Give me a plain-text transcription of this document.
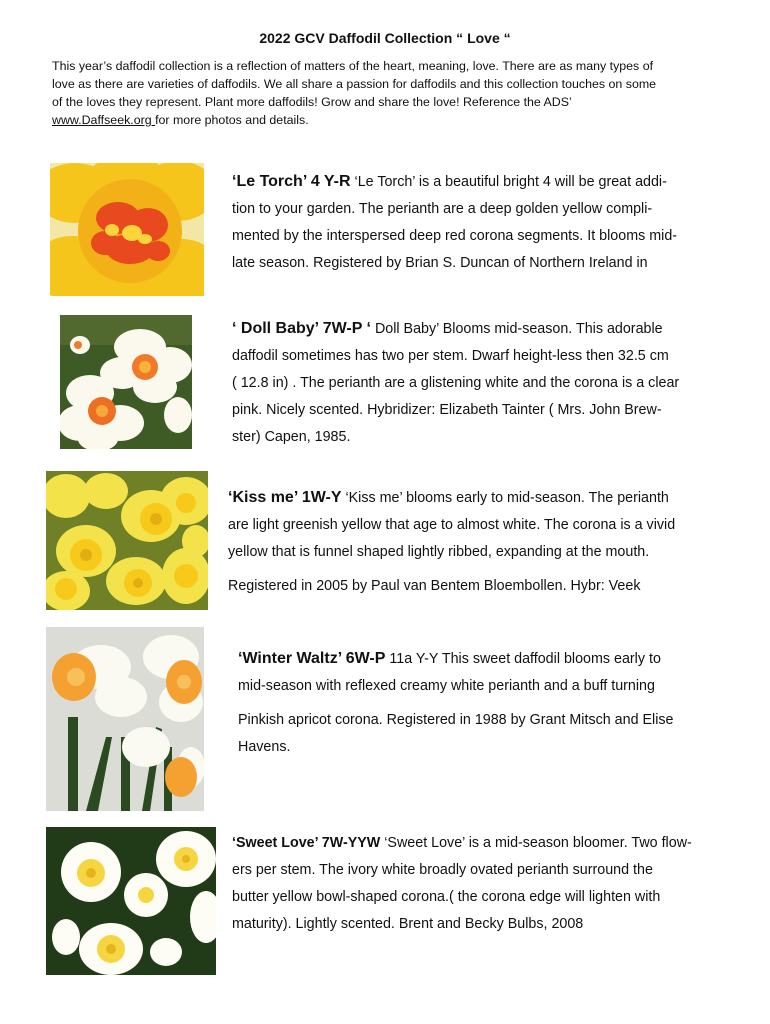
2022 GCV Daffodil Collection “ Love “
This year’s daffodil collection is a reflection of matters of the heart, meaning, love. There are as many types of
love as there are varieties of daffodils. We all share a passion for daffodils and this collection touches on some
of the loves they represent. Plant more daffodils! Grow and share the love! Reference the ADS’
www.Daffseek.org for more photos and details.

‘Le Torch’ 4 Y-R ‘Le Torch’ is a beautiful bright 4 will be great addi-

tion to your garden. The perianth are a deep golden yellow compli-

mented by the interspersed deep red corona segments. It blooms mid-

late season. Registered by Brian S. Duncan of Northern Ireland in

‘ Doll Baby’ 7W-P ‘ Doll Baby’ Blooms mid-season. This adorable

daffodil sometimes has two per stem. Dwarf height-less then 32.5 cm

( 12.8 in) . The perianth are a glistening white and the corona is a clear

pink. Nicely scented. Hybridizer: Elizabeth Tainter ( Mrs. John Brew-

ster) Capen, 1985.

‘Kiss me’ 1W-Y ‘Kiss me’ blooms early to mid-season. The perianth

are light greenish yellow that age to almost white. The corona is a vivid

yellow that is funnel shaped lightly ribbed, expanding at the mouth.

Registered in 2005 by Paul van Bentem Bloembollen. Hybr: Veek

‘Winter Waltz’ 6W-P 11a Y-Y This sweet daffodil blooms early to

mid-season with reflexed creamy white perianth and a buff turning

Pinkish apricot corona. Registered in 1988 by Grant Mitsch and Elise

Havens.

‘Sweet Love’ 7W-YYW ‘Sweet Love’ is a mid-season bloomer. Two flow-

ers per stem. The ivory white broadly ovated perianth surround the

butter yellow bowl-shaped corona.( the corona edge will lighten with

maturity). Lightly scented. Brent and Becky Bulbs, 2008
